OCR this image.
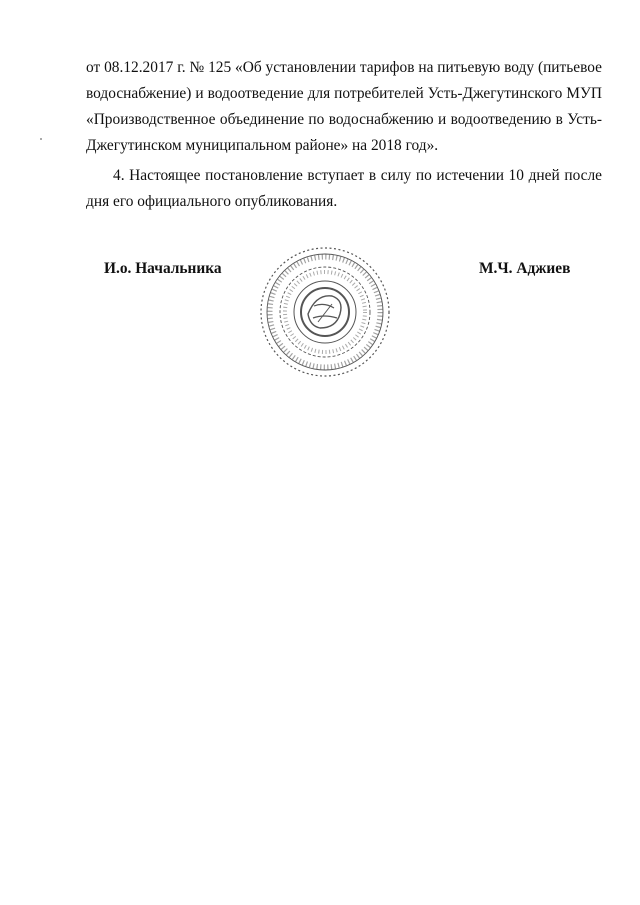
от 08.12.2017 г. № 125 «Об установлении тарифов на питьевую воду (питьевое
водоснабжение) и водоотведение для потребителей Усть-Джегутинского МУП
«Производственное объединение по водоснабжению и водоотведению в Усть-
Джегутинском муниципальном районе» на 2018 год».
4. Настоящее постановление вступает в силу по истечении 10 дней после
дня его официального опубликования.
И.о. Начальника	М.Ч. Аджиев
